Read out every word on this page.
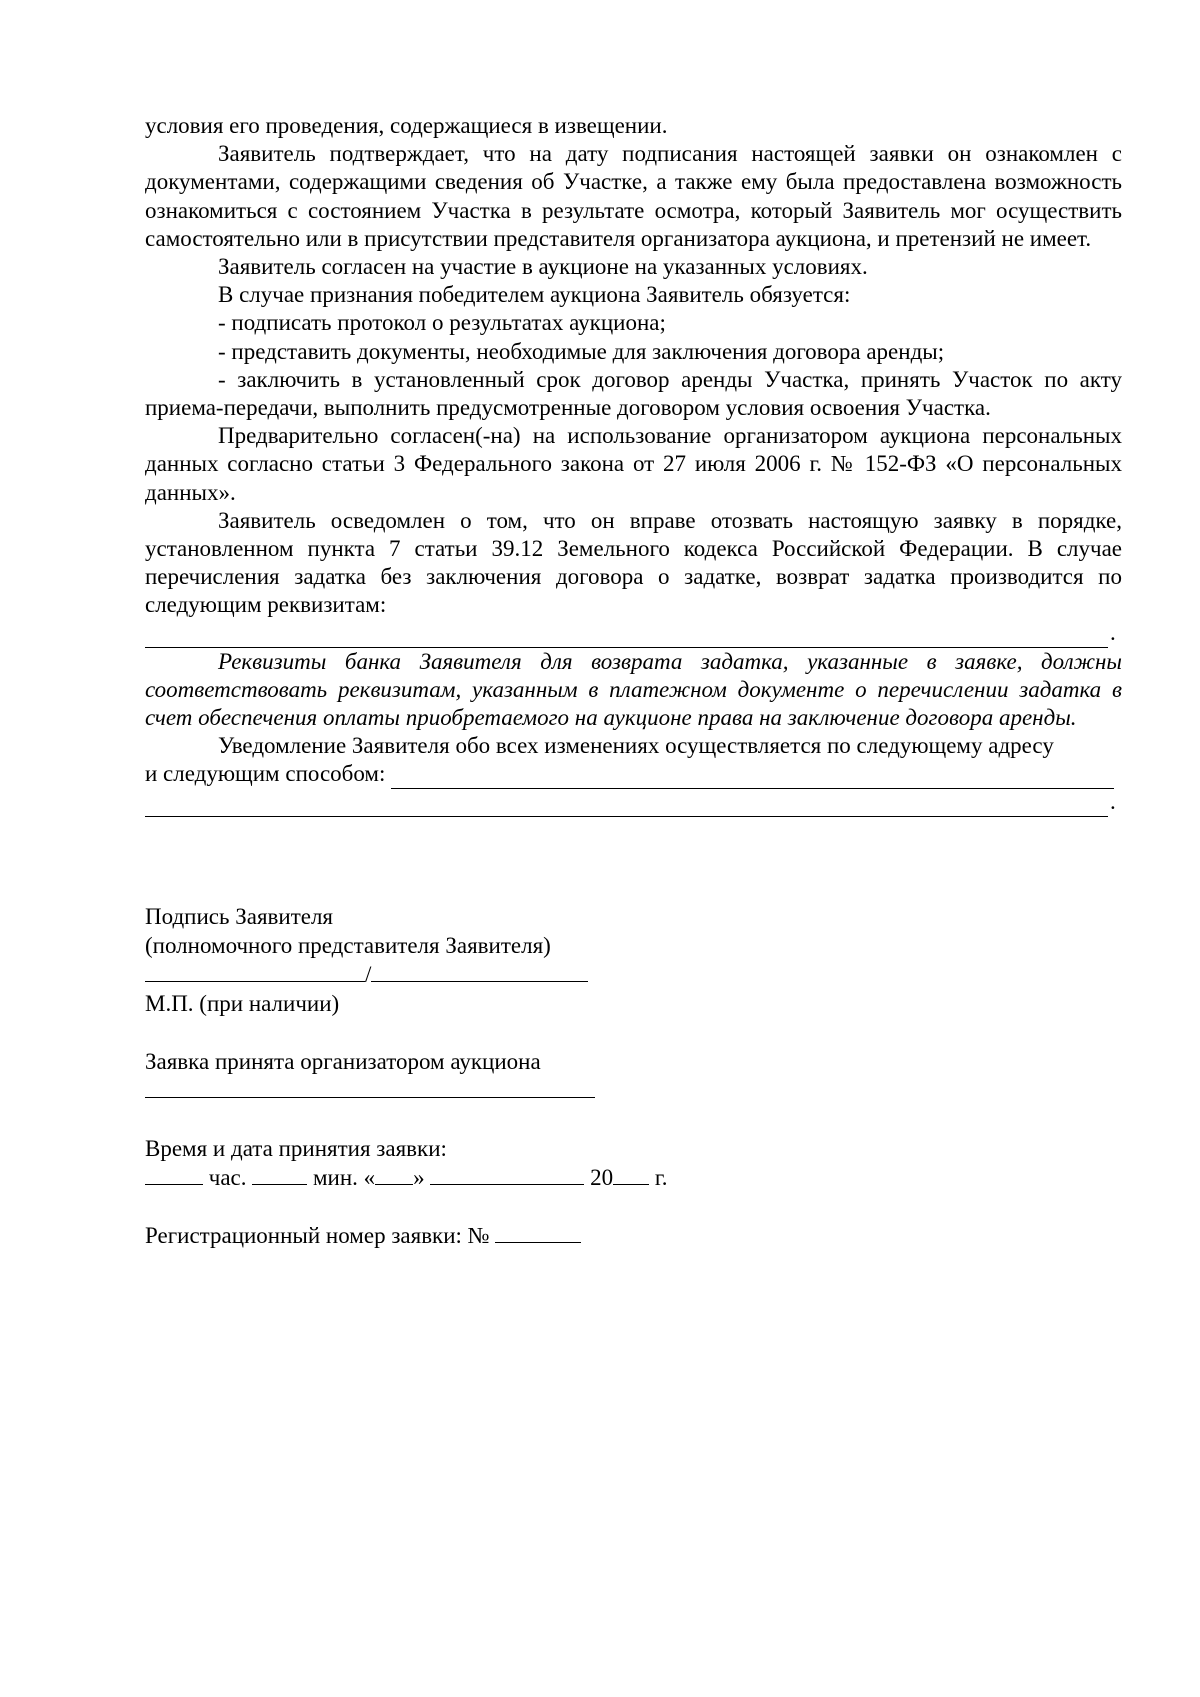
условия его проведения, содержащиеся в извещении.

Заявитель подтверждает, что на дату подписания настоящей заявки он ознакомлен с документами, содержащими сведения об Участке, а также ему была предоставлена возможность ознакомиться с состоянием Участка в результате осмотра, который Заявитель мог осуществить самостоятельно или в присутствии представителя организатора аукциона, и претензий не имеет.

Заявитель согласен на участие в аукционе на указанных условиях.

В случае признания победителем аукциона Заявитель обязуется:

- подписать протокол о результатах аукциона;

- представить документы, необходимые для заключения договора аренды;

- заключить в установленный срок договор аренды Участка, принять Участок по акту приема-передачи, выполнить предусмотренные договором условия освоения Участка.

Предварительно согласен(-на) на использование организатором аукциона персональных данных согласно статьи 3 Федерального закона от 27 июля 2006 г. № 152-ФЗ «О персональных данных».

Заявитель осведомлен о том, что он вправе отозвать настоящую заявку в порядке, установленном пункта 7 статьи 39.12 Земельного кодекса Российской Федерации. В случае перечисления задатка без заключения договора о задатке, возврат задатка производится по следующим реквизитам:

.

Реквизиты банка Заявителя для возврата задатка, указанные в заявке, должны соответствовать реквизитам, указанным в платежном документе о перечислении задатка в счет обеспечения оплаты приобретаемого на аукционе права на заключение договора аренды.

Уведомление Заявителя обо всех изменениях осуществляется по следующему адресу

и следующим способом:
.
Подпись Заявителя
(полномочного представителя Заявителя)
/
М.П. (при наличии)
Заявка принята организатором аукциона
Время и дата принятия заявки:
час.	мин. « »	20 г.
Регистрационный номер заявки: №
